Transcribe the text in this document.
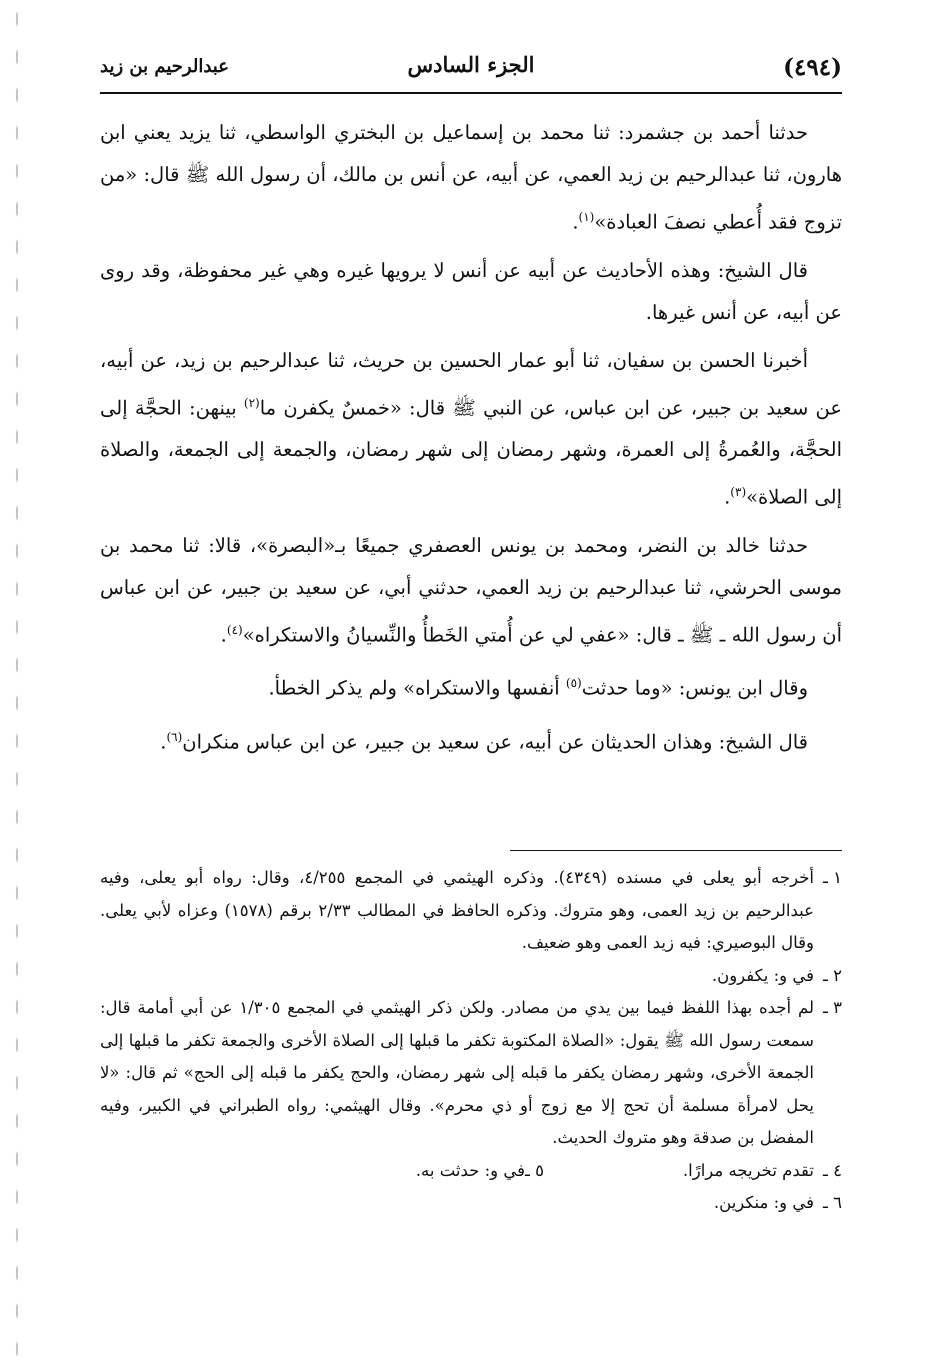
(٤٩٤)
الجزء السادس
عبدالرحيم بن زيد

حدثنا أحمد بن جشمرد: ثنا محمد بن إسماعيل بن البختري الواسطي، ثنا يزيد يعني ابن هارون، ثنا عبدالرحيم بن زيد العمي، عن أبيه، عن أنس بن مالك، أن رسول الله ﷺ قال: «من تزوج فقد أُعطي نصفَ العبادة»$^{(١)}$.

قال الشيخ: وهذه الأحاديث عن أبيه عن أنس لا يرويها غيره وهي غير محفوظة، وقد روى عن أبيه، عن أنس غيرها.

أخبرنا الحسن بن سفيان، ثنا أبو عمار الحسين بن حريث، ثنا عبدالرحيم بن زيد، عن أبيه، عن سعيد بن جبير، عن ابن عباس، عن النبي ﷺ قال: «خمسٌ يكفرن ما$^{(٢)}$ بينهن: الحجَّة إلى الحجَّة، والعُمرةُ إلى العمرة، وشهر رمضان إلى شهر رمضان، والجمعة إلى الجمعة، والصلاة إلى الصلاة»$^{(٣)}$.

حدثنا خالد بن النضر، ومحمد بن يونس العصفري جميعًا بـ«البصرة»، قالا: ثنا محمد بن موسى الحرشي، ثنا عبدالرحيم بن زيد العمي، حدثني أبي، عن سعيد بن جبير، عن ابن عباس أن رسول الله ـ ﷺ ـ قال: «عفي لي عن أُمتي الخَطأُ والنِّسيانُ والاستكراه»$^{(٤)}$.

وقال ابن يونس: «وما حدثت$^{(٥)}$ أنفسها والاستكراه» ولم يذكر الخطأ.

قال الشيخ: وهذان الحديثان عن أبيه، عن سعيد بن جبير، عن ابن عباس منكران$^{(٦)}$.

١ ـ
أخرجه أبو يعلى في مسنده (٤٣٤٩). وذكره الهيثمي في المجمع ٤/٢٥٥، وقال: رواه أبو يعلى، وفيه عبدالرحيم بن زيد العمى، وهو متروك. وذكره الحافظ في المطالب ٢/٣٣ برقم (١٥٧٨) وعزاه لأبي يعلى. وقال البوصيري: فيه زيد العمى وهو ضعيف.

٢ ـ
في و: يكفرون.

٣ ـ
لم أجده بهذا اللفظ فيما بين يدي من مصادر. ولكن ذكر الهيثمي في المجمع ١/٣٠٥ عن أبي أمامة قال: سمعت رسول الله ﷺ يقول: «الصلاة المكتوبة تكفر ما قبلها إلى الصلاة الأخرى والجمعة تكفر ما قبلها إلى الجمعة الأخرى، وشهر رمضان يكفر ما قبله إلى شهر رمضان، والحج يكفر ما قبله إلى الحج» ثم قال: «لا يحل لامرأة مسلمة أن تحج إلا مع زوج أو ذي محرم». وقال الهيثمي: رواه الطبراني في الكبير، وفيه المفضل بن صدقة وهو متروك الحديث.

٤ ـ
تقدم تخريجه مرارًا.
٥ ـ
في و: حدثت به.

٦ ـ
في و: منكرين.
